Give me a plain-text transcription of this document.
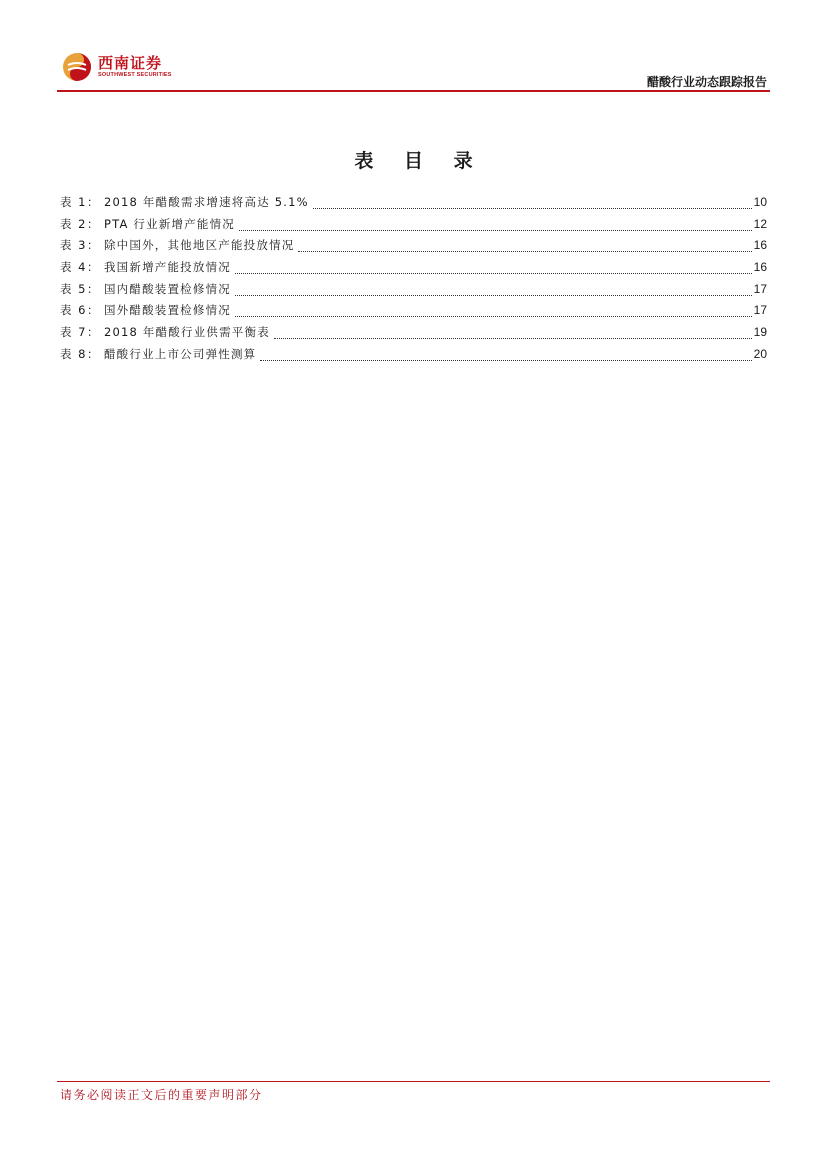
西南证券
SOUTHWEST SECURITIES	醋酸行业动态跟踪报告
表 目 录
表 1： 2018 年醋酸需求增速将高达 5.1%	10
表 2： PTA 行业新增产能情况	12
表 3： 除中国外，其他地区产能投放情况	16
表 4： 我国新增产能投放情况	16
表 5： 国内醋酸装置检修情况	17
表 6： 国外醋酸装置检修情况	17
表 7： 2018 年醋酸行业供需平衡表	19
表 8： 醋酸行业上市公司弹性测算	20
请务必阅读正文后的重要声明部分
